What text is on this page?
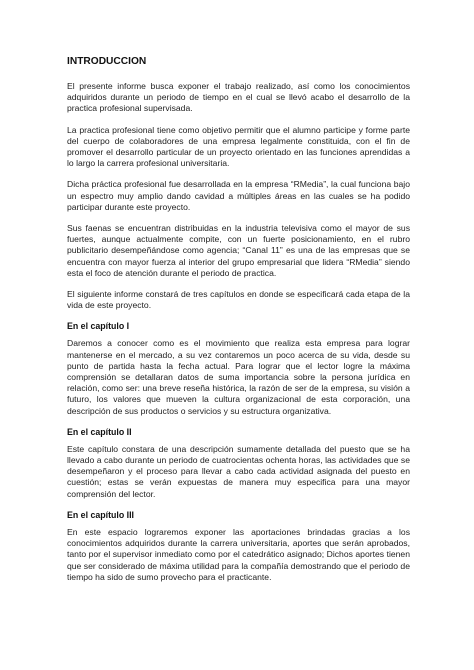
INTRODUCCION

El presente informe busca exponer el trabajo realizado, así como los conocimientos adquiridos durante un periodo de tiempo en el cual se llevó acabo el desarrollo de la practica profesional supervisada.

La practica profesional tiene como objetivo permitir que el alumno participe y forme parte del cuerpo de colaboradores de una empresa legalmente constituida, con el fin de promover el desarrollo particular de un proyecto orientado en las funciones aprendidas a lo largo la carrera profesional universitaria.

Dicha práctica profesional fue desarrollada en la empresa “RMedia”, la cual funciona bajo un espectro muy amplio dando cavidad a múltiples áreas en las cuales se ha podido participar durante este proyecto.

Sus faenas se encuentran distribuidas en la industria televisiva como el mayor de sus fuertes, aunque actualmente compite, con un fuerte posicionamiento, en el rubro publicitario desempeñándose como agencia; “Canal 11” es una de las empresas que se encuentra con mayor fuerza al interior del grupo empresarial que lidera “RMedia” siendo esta el foco de atención durante el periodo de practica.

El siguiente informe constará de tres capítulos en donde se especificará cada etapa de la vida de este proyecto.

En el capítulo I

Daremos a conocer como es el movimiento que realiza esta empresa para lograr mantenerse en el mercado, a su vez contaremos un poco acerca de su vida, desde su punto de partida hasta la fecha actual. Para lograr que el lector logre la máxima comprensión se detallaran datos de suma importancia sobre la persona jurídica en relación, como ser: una breve reseña histórica, la razón de ser de la empresa, su visión a futuro, los valores que mueven la cultura organizacional de esta corporación, una descripción de sus productos o servicios y su estructura organizativa.

En el capítulo II

Este capítulo constara de una descripción sumamente detallada del puesto que se ha llevado a cabo durante un periodo de cuatrocientas ochenta horas, las actividades que se desempeñaron y el proceso para llevar a cabo cada actividad asignada del puesto en cuestión; estas se verán expuestas de manera muy especifica para una mayor comprensión del lector.

En el capítulo III

En este espacio lograremos exponer las aportaciones brindadas gracias a los conocimientos adquiridos durante la carrera universitaria, aportes que serán aprobados, tanto por el supervisor inmediato como por el catedrático asignado; Dichos aportes tienen que ser considerado de máxima utilidad para la compañía demostrando que el periodo de tiempo ha sido de sumo provecho para el practicante.
